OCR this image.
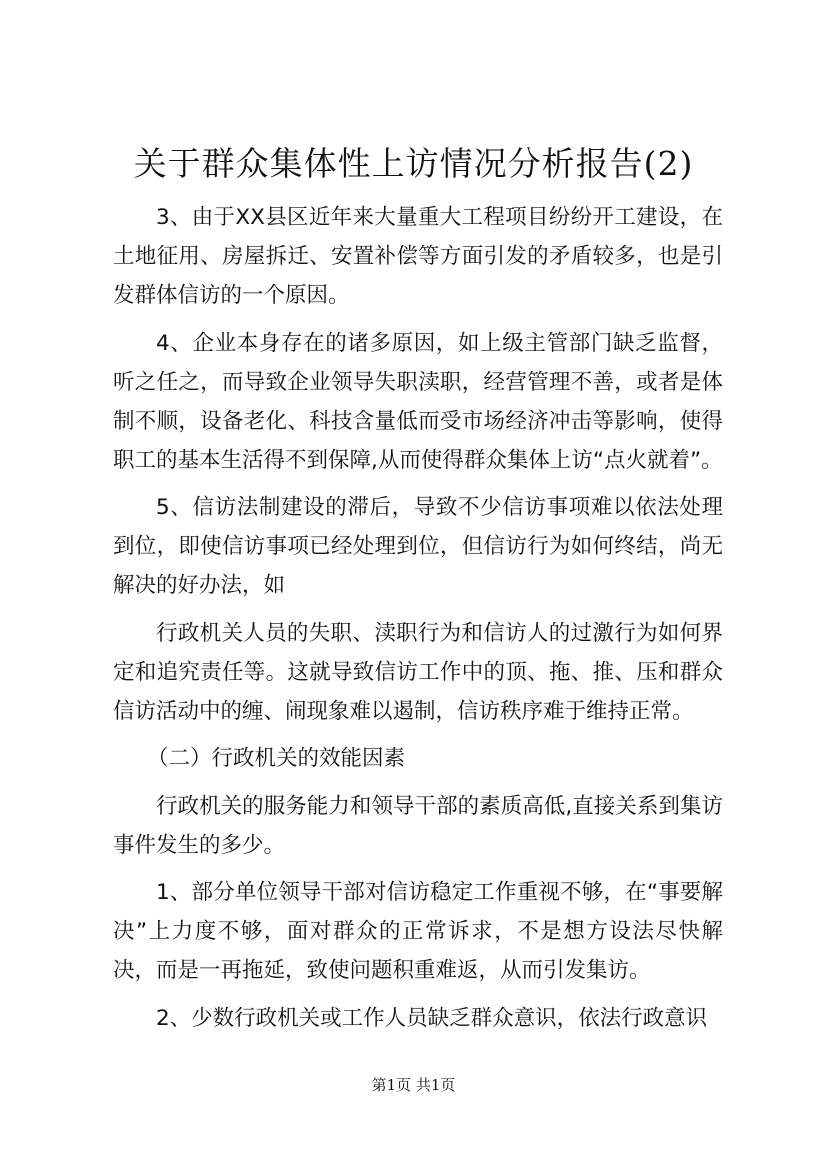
关于群众集体性上访情况分析报告(2)

3、由于XX县区近年来大量重大工程项目纷纷开工建设，在土地征用、房屋拆迁、安置补偿等方面引发的矛盾较多，也是引发群体信访的一个原因。

4、企业本身存在的诸多原因，如上级主管部门缺乏监督，听之任之，而导致企业领导失职渎职，经营管理不善，或者是体制不顺，设备老化、科技含量低而受市场经济冲击等影响，使得职工的基本生活得不到保障,从而使得群众集体上访“点火就着”。

5、信访法制建设的滞后，导致不少信访事项难以依法处理到位，即使信访事项已经处理到位，但信访行为如何终结，尚无解决的好办法，如

行政机关人员的失职、渎职行为和信访人的过激行为如何界定和追究责任等。这就导致信访工作中的顶、拖、推、压和群众信访活动中的缠、闹现象难以遏制，信访秩序难于维持正常。

（二）行政机关的效能因素

行政机关的服务能力和领导干部的素质高低,直接关系到集访事件发生的多少。

1、部分单位领导干部对信访稳定工作重视不够，在“事要解决”上力度不够，面对群众的正常诉求，不是想方设法尽快解决，而是一再拖延，致使问题积重难返，从而引发集访。

2、少数行政机关或工作人员缺乏群众意识，依法行政意识

第1页 共1页
